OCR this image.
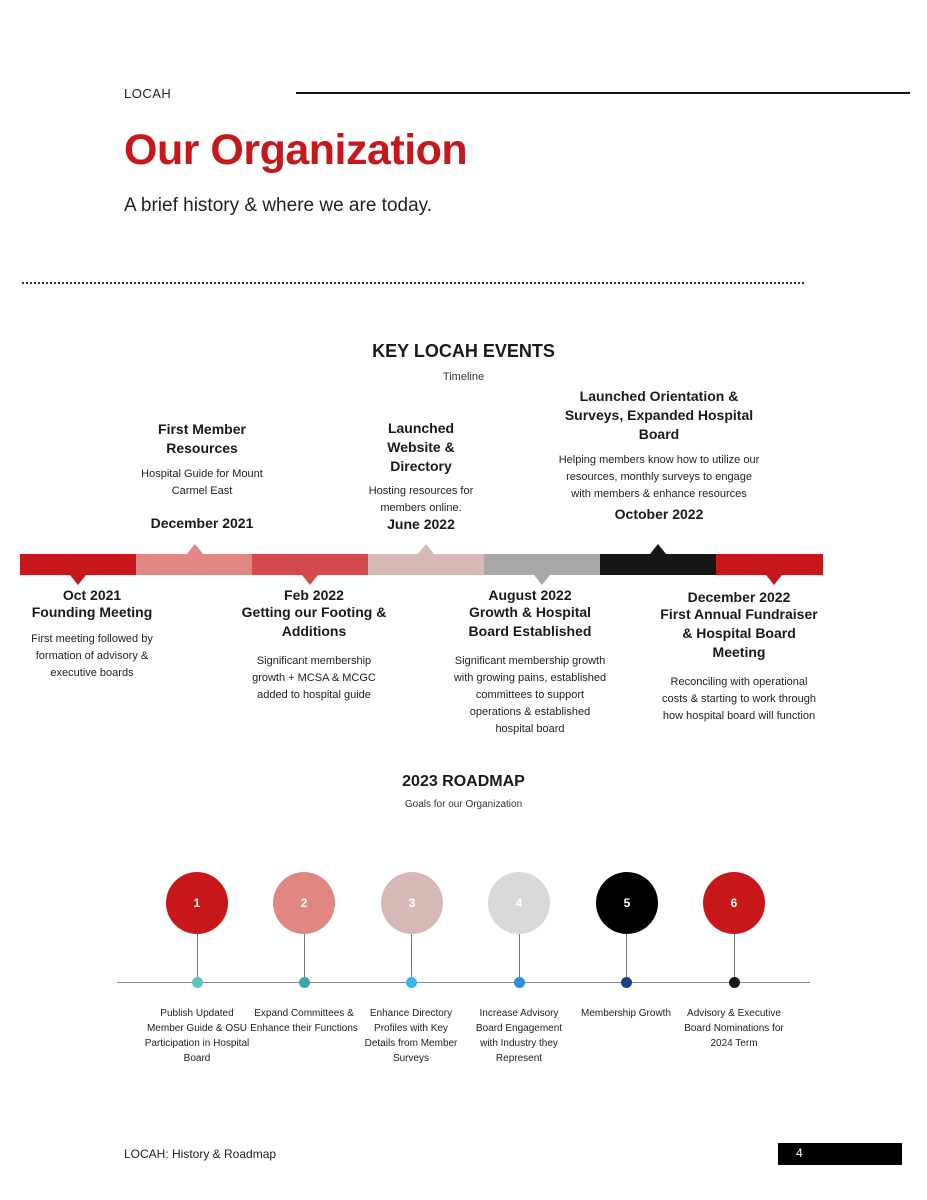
LOCAH
Our Organization
A brief history & where we are today.
KEY LOCAH EVENTS
Timeline
First Member Resources
Hospital Guide for Mount Carmel East
December 2021
Launched Website & Directory
Hosting resources for members online.
June 2022
Launched Orientation & Surveys, Expanded Hospital Board
Helping members know how to utilize our resources, monthly surveys to engage with members & enhance resources
October 2022
Oct 2021
Founding Meeting
First meeting followed by formation of advisory & executive boards
Feb 2022
Getting our Footing & Additions
Significant membership growth + MCSA & MCGC added to hospital guide
August 2022
Growth & Hospital Board Established
Significant membership growth with growing pains, established committees to support operations & established hospital board
December 2022
First Annual Fundraiser & Hospital Board Meeting
Reconciling with operational costs & starting to work through how hospital board will function
2023 ROADMAP
Goals for our Organization
1
Publish Updated Member Guide & OSU Participation in Hospital Board
2
Expand Committees & Enhance their Functions
3
Enhance Directory Profiles with Key Details from Member Surveys
4
Increase Advisory Board Engagement with Industry they Represent
5
Membership Growth
6
Advisory & Executive Board Nominations for 2024 Term
LOCAH: History & Roadmap	4
